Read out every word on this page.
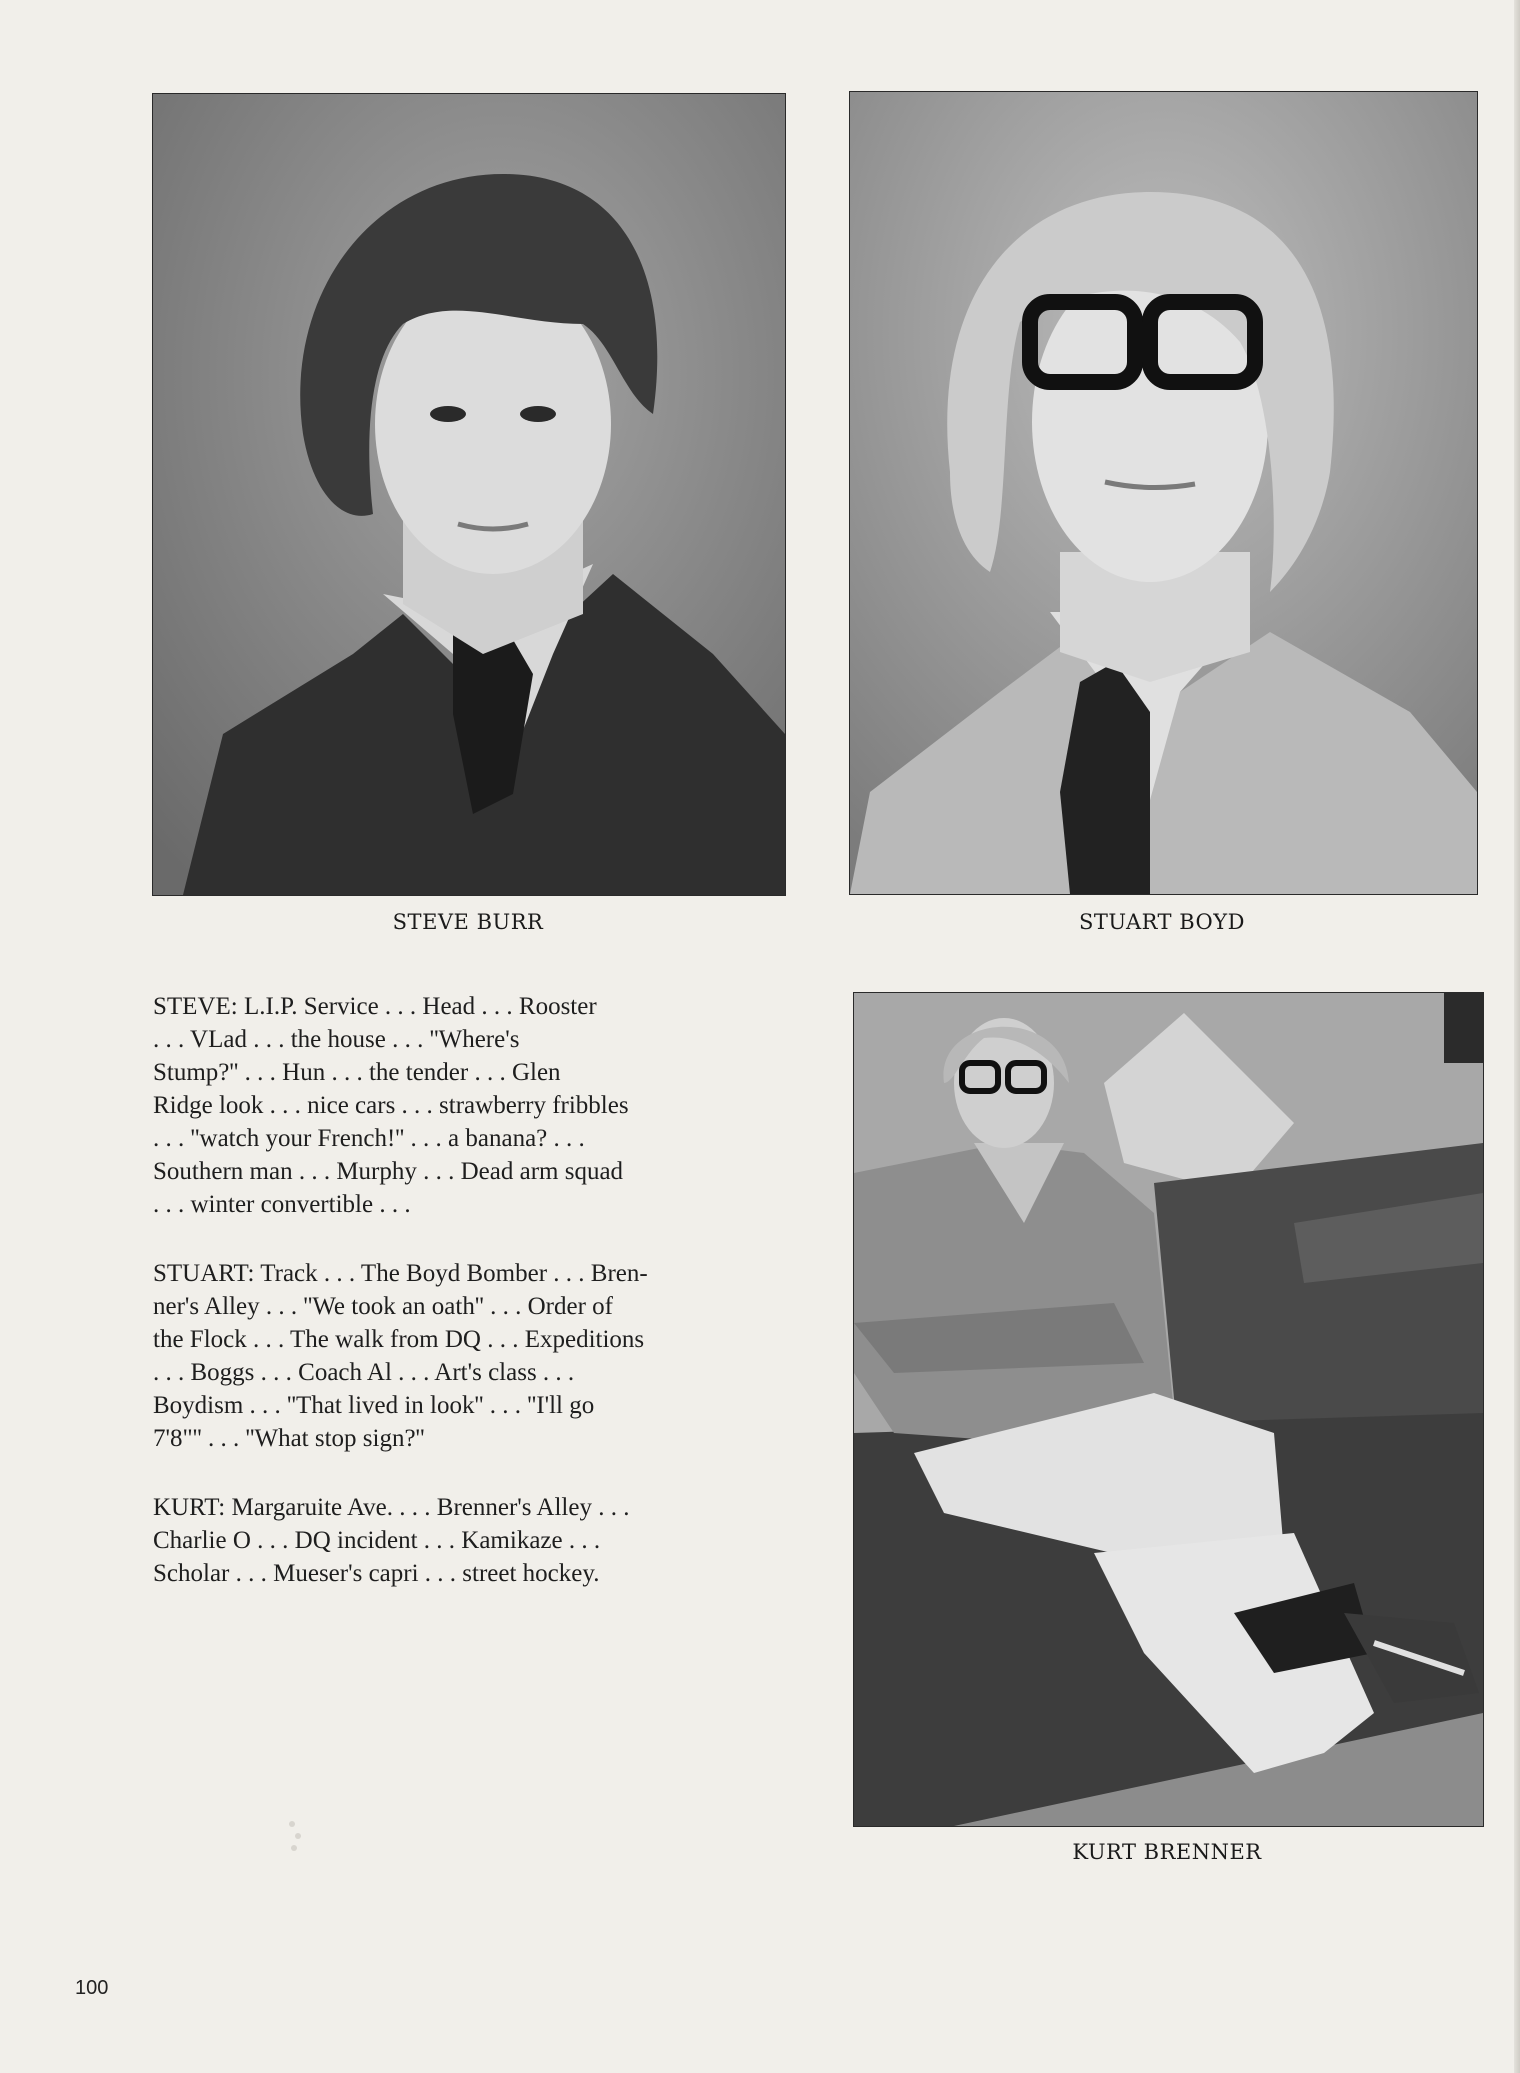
STEVE BURR	STUART BOYD
STEVE: L.I.P. Service . . . Head . . . Rooster
. . . VLad . . . the house . . . ''Where's
Stump?'' . . . Hun . . . the tender . . . Glen
Ridge look . . . nice cars . . . strawberry fribbles
. . . ''watch your French!'' . . . a banana? . . .
Southern man . . . Murphy . . . Dead arm squad
. . . winter convertible . . .
STUART: Track . . . The Boyd Bomber . . . Bren-
ner's Alley . . . ''We took an oath'' . . . Order of
the Flock . . . The walk from DQ . . . Expeditions
. . . Boggs . . . Coach Al . . . Art's class . . .
Boydism . . . ''That lived in look'' . . . ''I'll go
7'8"'' . . . ''What stop sign?''
KURT: Margaruite Ave. . . . Brenner's Alley . . .
Charlie O . . . DQ incident . . . Kamikaze . . .
Scholar . . . Mueser's capri . . . street hockey.
KURT BRENNER
100
